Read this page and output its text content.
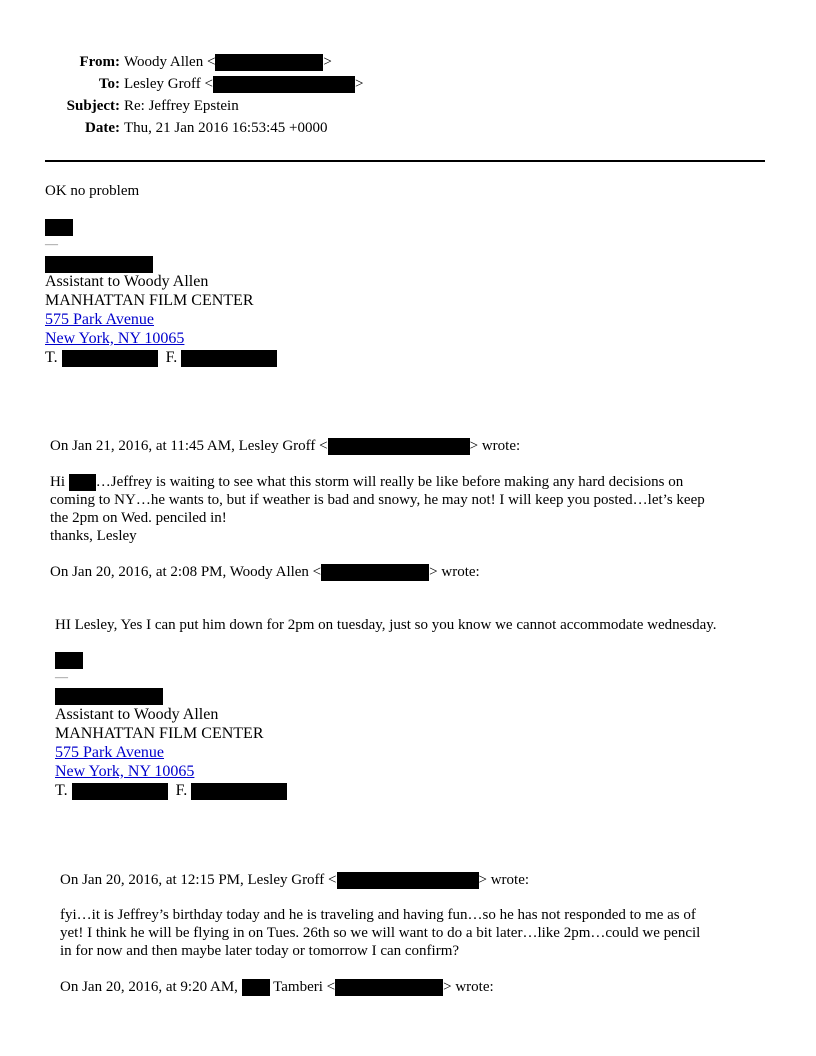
From: Woody Allen <	>
To: Lesley Groff <	>
Subject: Re: Jeffrey Epstein
Date: Thu, 21 Jan 2016 16:53:45 +0000
OK no problem
—
Assistant to Woody Allen
MANHATTAN FILM CENTER
575 Park Avenue
New York, NY 10065
T.	F.
On Jan 21, 2016, at 11:45 AM, Lesley Groff <	> wrote:
Hi …Jeffrey is waiting to see what this storm will really be like before making any hard decisions on
coming to NY…he wants to, but if weather is bad and snowy, he may not! I will keep you posted…let’s keep
the 2pm on Wed. penciled in!
thanks, Lesley
On Jan 20, 2016, at 2:08 PM, Woody Allen <	> wrote:
HI Lesley, Yes I can put him down for 2pm on tuesday, just so you know we cannot accommodate wednesday.
—
Assistant to Woody Allen
MANHATTAN FILM CENTER
575 Park Avenue
New York, NY 10065
T.	F.
On Jan 20, 2016, at 12:15 PM, Lesley Groff <	> wrote:
fyi…it is Jeffrey’s birthday today and he is traveling and having fun…so he has not responded to me as of
yet! I think he will be flying in on Tues. 26th so we will want to do a bit later…like 2pm…could we pencil
in for now and then maybe later today or tomorrow I can confirm?
On Jan 20, 2016, at 9:20 AM, Tamberi <	> wrote:
